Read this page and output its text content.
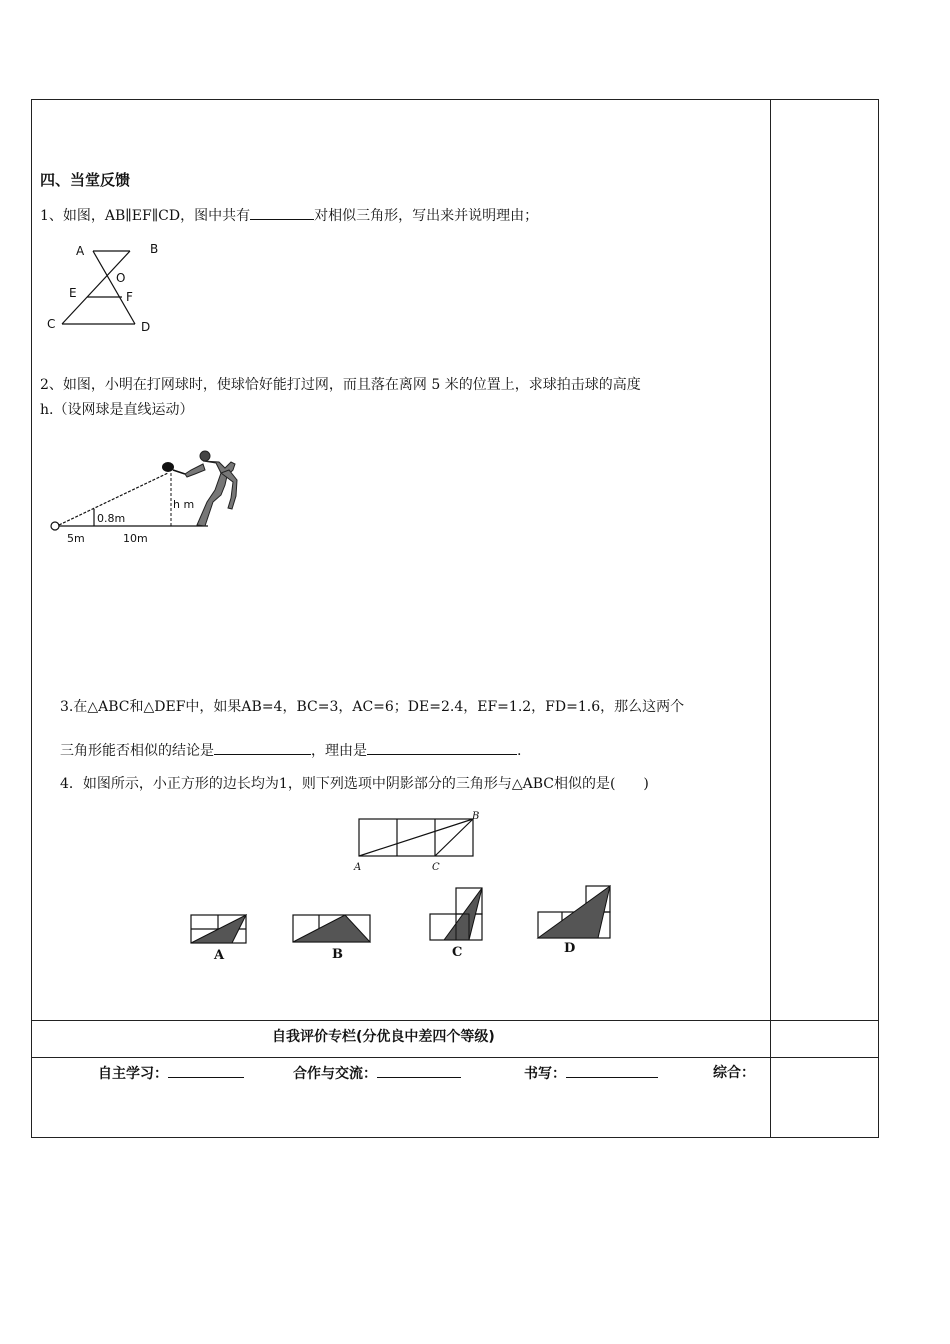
四、当堂反馈
1、如图，AB∥EF∥CD，图中共有	对相似三角形，写出来并说明理由；
A	B
O
E	F
C	D
2、如图，小明在打网球时，使球恰好能打过网，而且落在离网 5 米的位置上，求球拍击球的高度
h.（设网球是直线运动）
0.8m
h m
5m	10m
3.在△ABC和△DEF中，如果AB=4，BC=3，AC=6；DE=2.4，EF=1.2，FD=1.6，那么这两个
三角形能否相似的结论是	，理由是	.
4．如图所示，小正方形的边长均为1，则下列选项中阴影部分的三角形与△ABC相似的是(　　)
A	C
B
A	B	C	D
自我评价专栏(分优良中差四个等级)
自主学习：	合作与交流：	书写：	综合：
